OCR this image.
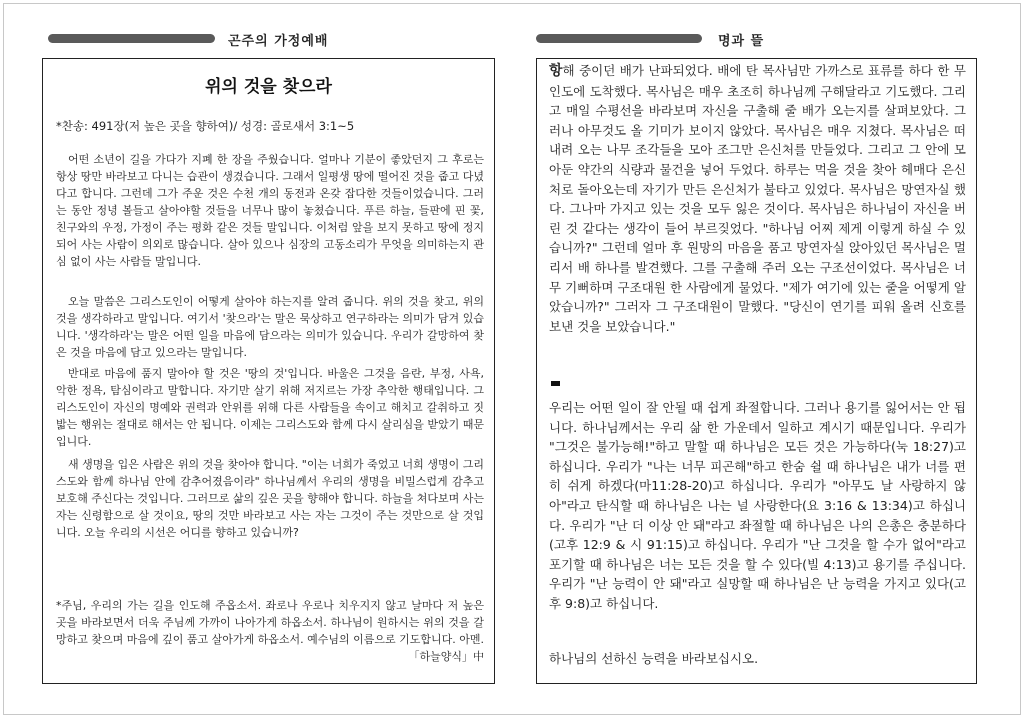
곤주의 가정예배	명과 뜰
위의 것을 찾으라
*찬송: 491장(저 높은 곳을 향하여)/ 성경: 골로새서 3:1~5

어떤 소년이 길을 가다가 지폐 한 장을 주웠습니다. 얼마나 기분이 좋았던지 그 후로는 항상 땅만 바라보고 다니는 습관이 생겼습니다. 그래서 일평생 땅에 떨어진 것을 줍고 다녔다고 합니다. 그런데 그가 주운 것은 수천 개의 동전과 온갖 잡다한 것들이었습니다. 그러는 동안 정녕 볼들고 살아야할 것들을 너무나 많이 놓쳤습니다. 푸른 하늘, 들판에 핀 꽃, 친구와의 우정, 가정이 주는 평화 같은 것들 말입니다. 이처럼 앞을 보지 못하고 땅에 정지되어 사는 사람이 의외로 많습니다. 살아 있으나 심장의 고동소리가 무엇을 의미하는지 관심 없이 사는 사람들 말입니다.

오늘 말씀은 그리스도인이 어떻게 살아야 하는지를 알려 줍니다. 위의 것을 찾고, 위의 것을 생각하라고 말입니다. 여기서 '찾으라'는 말은 묵상하고 연구하라는 의미가 담겨 있습니다. '생각하라'는 말은 어떤 일을 마음에 담으라는 의미가 있습니다. 우리가 갈망하여 찾은 것을 마음에 담고 있으라는 말입니다.

반대로 마음에 품지 말아야 할 것은 '땅의 것'입니다. 바울은 그것을 음란, 부정, 사욕, 악한 정욕, 탐심이라고 말합니다. 자기만 살기 위해 저지르는 가장 추악한 행태입니다. 그리스도인이 자신의 명예와 권력과 안위를 위해 다른 사람들을 속이고 해치고 갈취하고 짓밟는 행위는 절대로 해서는 안 됩니다. 이제는 그리스도와 함께 다시 살리심을 받았기 때문입니다.

새 생명을 입은 사람은 위의 것을 찾아야 합니다. "이는 너희가 죽었고 너희 생명이 그리스도와 함께 하나님 안에 감추어졌음이라" 하나님께서 우리의 생명을 비밀스럽게 감추고 보호해 주신다는 것입니다. 그러므로 삶의 깊은 곳을 향해야 합니다. 하늘을 쳐다보며 사는 자는 신령함으로 살 것이요, 땅의 것만 바라보고 사는 자는 그것이 주는 것만으로 살 것입니다. 오늘 우리의 시선은 어디를 향하고 있습니까?

*주님, 우리의 가는 길을 인도해 주옵소서. 좌로나 우로나 치우지지 않고 날마다 저 높은 곳을 바라보면서 더욱 주님께 가까이 나아가게 하옵소서. 하나님이 원하시는 위의 것을 갈망하고 찾으며 마음에 깊이 품고 살아가게 하옵소서. 예수님의 이름으로 기도합니다. 아멘.
「하늘양식」中

항해 중이던 배가 난파되었다. 배에 탄 목사님만 가까스로 표류를 하다 한 무인도에 도착했다. 목사님은 매우 초조히 하나님께 구해달라고 기도했다. 그리고 매일 수평선을 바라보며 자신을 구출해 줄 배가 오는지를 살펴보았다. 그러나 아무것도 올 기미가 보이지 않았다. 목사님은 매우 지쳤다. 목사님은 떠내려 오는 나무 조각들을 모아 조그만 은신처를 만들었다. 그리고 그 안에 모아둔 약간의 식량과 물건을 넣어 두었다. 하루는 먹을 것을 찾아 헤매다 은신처로 돌아오는데 자기가 만든 은신처가 불타고 있었다. 목사님은 망연자실 했다. 그나마 가지고 있는 것을 모두 잃은 것이다. 목사님은 하나님이 자신을 버린 것 같다는 생각이 들어 부르짖었다. "하나님 어찌 제게 이렇게 하실 수 있습니까?" 그런데 얼마 후 원망의 마음을 품고 망연자실 앉아있던 목사님은 멀리서 배 하나를 발견했다. 그를 구출해 주러 오는 구조선이었다. 목사님은 너무 기뻐하며 구조대원 한 사람에게 물었다. "제가 여기에 있는 줄을 어떻게 알았습니까?" 그러자 그 구조대원이 말했다. "당신이 연기를 피워 올려 신호를 보낸 것을 보았습니다."

우리는 어떤 일이 잘 안될 때 쉽게 좌절합니다. 그러나 용기를 잃어서는 안 됩니다. 하나님께서는 우리 삶 한 가운데서 일하고 계시기 때문입니다. 우리가 "그것은 불가능해!"하고 말할 때 하나님은 모든 것은 가능하다(눅 18:27)고 하십니다. 우리가 "나는 너무 피곤해"하고 한숨 쉴 때 하나님은 내가 너를 편히 쉬게 하겠다(마11:28-20)고 하십니다. 우리가 "아무도 날 사랑하지 않아"라고 탄식할 때 하나님은 나는 널 사랑한다(요 3:16 & 13:34)고 하십니다. 우리가 "난 더 이상 안 돼"라고 좌절할 때 하나님은 나의 은총은 충분하다(고후 12:9 & 시 91:15)고 하십니다. 우리가 "난 그것을 할 수가 없어"라고 포기할 때 하나님은 너는 모든 것을 할 수 있다(빌 4:13)고 용기를 주십니다. 우리가 "난 능력이 안 돼"라고 실망할 때 하나님은 난 능력을 가지고 있다(고후 9:8)고 하십니다.

하나님의 선하신 능력을 바라보십시오.
